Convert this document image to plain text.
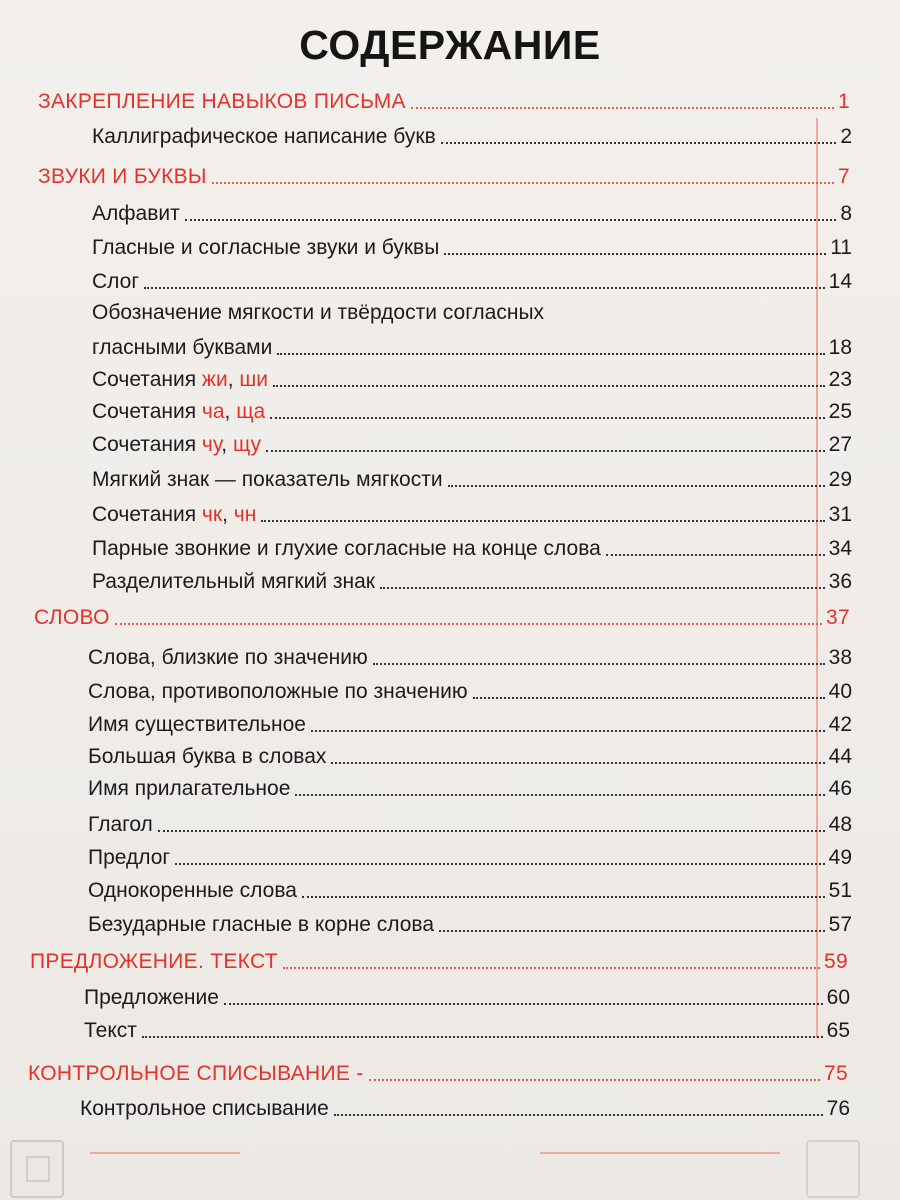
СОДЕРЖАНИЕ
ЗАКРЕПЛЕНИЕ НАВЫКОВ ПИСЬМА	1
Каллиграфическое написание букв	2
ЗВУКИ И БУКВЫ	7
Алфавит	8
Гласные и согласные звуки и буквы	11
Слог	14
Обозначение мягкости и твёрдости согласных
гласными буквами	18
Сочетания жи, ши	23
Сочетания ча, ща	25
Сочетания чу, щу	27
Мягкий знак — показатель мягкости	29
Сочетания чк, чн	31
Парные звонкие и глухие согласные на конце слова	34
Разделительный мягкий знак	36
СЛОВО	37
Слова, близкие по значению	38
Слова, противоположные по значению	40
Имя существительное	42
Большая буква в словах	44
Имя прилагательное	46
Глагол	48
Предлог	49
Однокоренные слова	51
Безударные гласные в корне слова	57
ПРЕДЛОЖЕНИЕ. ТЕКСТ	59
Предложение	60
Текст	65
КОНТРОЛЬНОЕ СПИСЫВАНИЕ -	75
Контрольное списывание	76
